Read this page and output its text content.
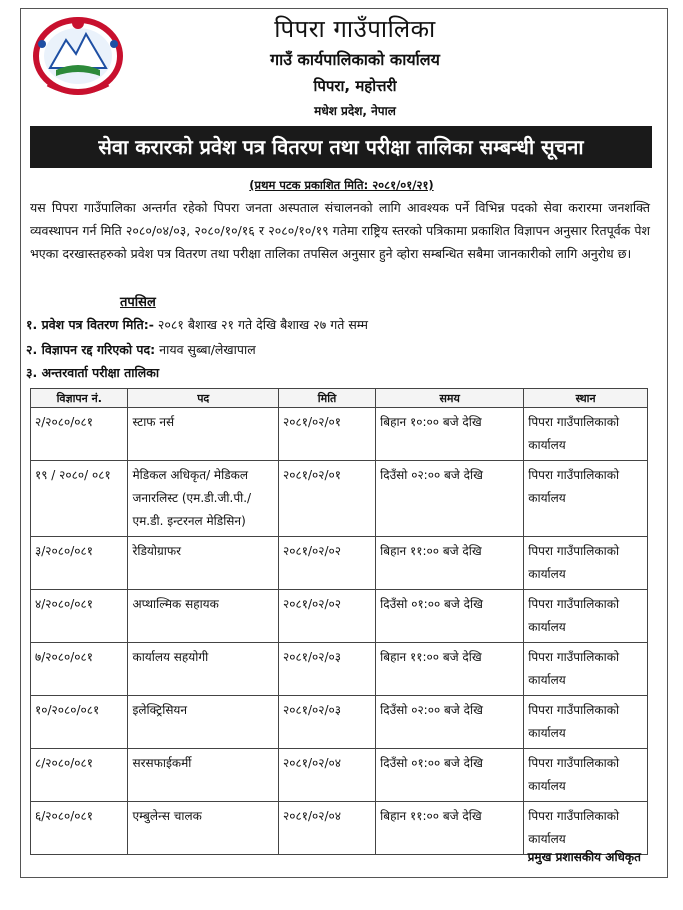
पिपरा गाउँपालिका
गाउँ कार्यपालिकाको कार्यालय
पिपरा, महोत्तरी
मधेश प्रदेश, नेपाल
सेवा करारको प्रवेश पत्र वितरण तथा परीक्षा तालिका सम्बन्धी सूचना
(प्रथम पटक प्रकाशित मिति: २०८१/०१/२१)
यस पिपरा गाउँपालिका अन्तर्गत रहेको पिपरा जनता अस्पताल संचालनको लागि आवश्यक पर्ने विभिन्न पदको सेवा करारमा जनशक्ति व्यवस्थापन गर्न मिति २०८०/०४/०३, २०८०/१०/१६ र २०८०/१०/१९ गतेमा राष्ट्रिय स्तरको पत्रिकामा प्रकाशित विज्ञापन अनुसार रितपूर्वक पेश भएका दरखास्तहरुको प्रवेश पत्र वितरण तथा परीक्षा तालिका तपसिल अनुसार हुने व्होरा सम्बन्धित सबैमा जानकारीको लागि अनुरोध छ।
तपसिल
१. प्रवेश पत्र वितरण मिति:- २०८१ बैशाख २१ गते देखि बैशाख २७ गते सम्म
२. विज्ञापन रद्द गरिएको पद: नायव सुब्बा/लेखापाल
३. अन्तरवार्ता परीक्षा तालिका
विज्ञापन नं.	पद	मिति	समय	स्थान
२/२०८०/०८१	स्टाफ नर्स	२०८१/०२/०१	बिहान १०:०० बजे देखि	पिपरा गाउँपालिकाको कार्यालय
१९ / २०८०/ ०८१	मेडिकल अधिकृत/ मेडिकल जनारलिस्ट (एम.डी.जी.पी./एम.डी. इन्टरनल मेडिसिन)	२०८१/०२/०१	दिउँसो ०२:०० बजे देखि	पिपरा गाउँपालिकाको कार्यालय
३/२०८०/०८१	रेडियोग्राफर	२०८१/०२/०२	बिहान ११:०० बजे देखि	पिपरा गाउँपालिकाको कार्यालय
४/२०८०/०८१	अप्थाल्मिक सहायक	२०८१/०२/०२	दिउँसो ०१:०० बजे देखि	पिपरा गाउँपालिकाको कार्यालय
७/२०८०/०८१	कार्यालय सहयोगी	२०८१/०२/०३	बिहान ११:०० बजे देखि	पिपरा गाउँपालिकाको कार्यालय
१०/२०८०/०८१	इलेक्ट्रिसियन	२०८१/०२/०३	दिउँसो ०२:०० बजे देखि	पिपरा गाउँपालिकाको कार्यालय
८/२०८०/०८१	सरसफाईकर्मी	२०८१/०२/०४	दिउँसो ०१:०० बजे देखि	पिपरा गाउँपालिकाको कार्यालय
६/२०८०/०८१	एम्बुलेन्स चालक	२०८१/०२/०४	बिहान ११:०० बजे देखि	पिपरा गाउँपालिकाको कार्यालय
प्रमुख प्रशासकीय अधिकृत
